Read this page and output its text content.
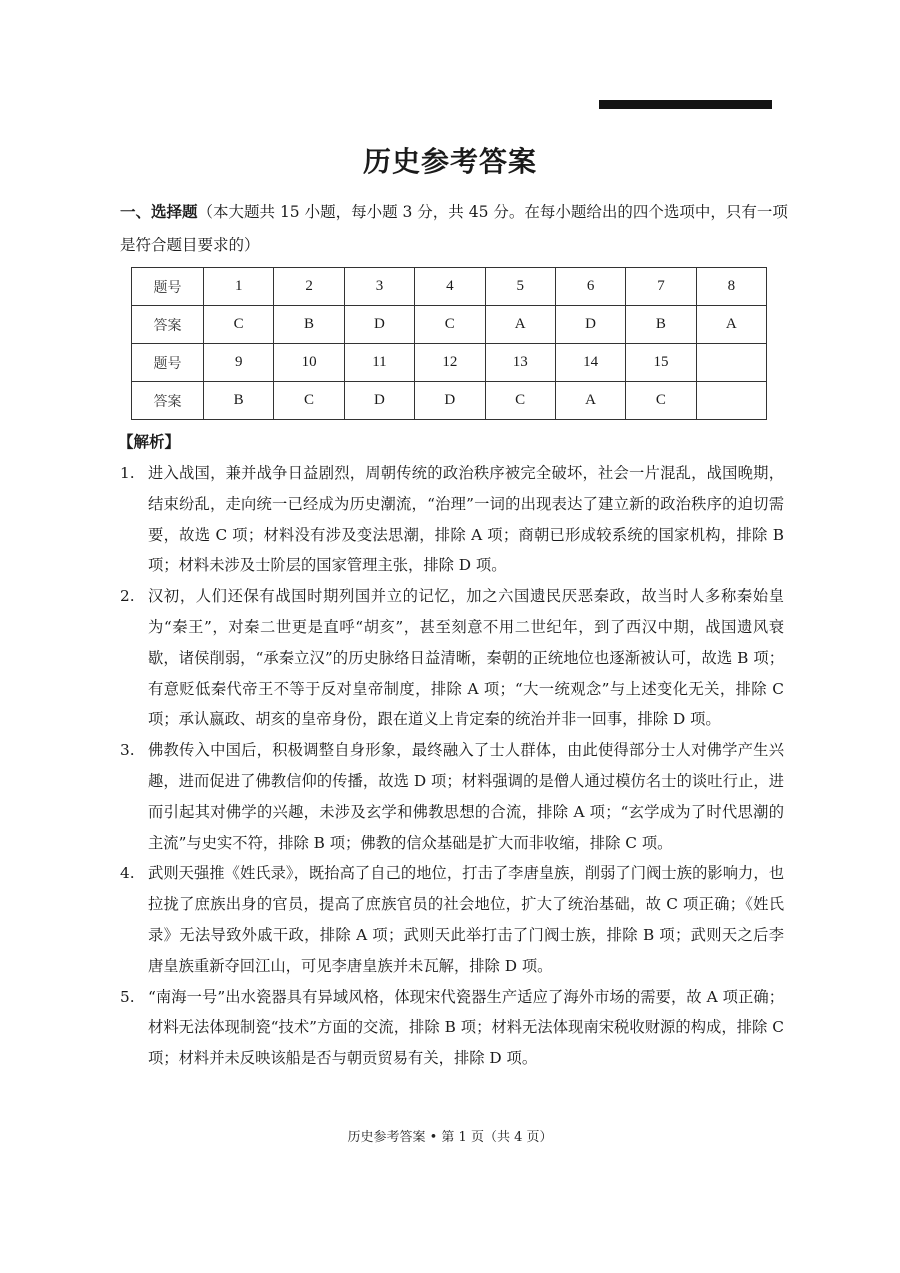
历史参考答案
一、选择题（本大题共 15 小题，每小题 3 分，共 45 分。在每小题给出的四个选项中，只有一项是符合题目要求的）
题号	1	2	3	4	5	6	7	8
答案	C	B	D	C	A	D	B	A
题号	9	10	11	12	13	14	15	
答案	B	C	D	D	C	A	C	
【解析】
1. 进入战国，兼并战争日益剧烈，周朝传统的政治秩序被完全破坏，社会一片混乱，战国晚期，结束纷乱，走向统一已经成为历史潮流，“治理”一词的出现表达了建立新的政治秩序的迫切需要，故选 C 项；材料没有涉及变法思潮，排除 A 项；商朝已形成较系统的国家机构，排除 B 项；材料未涉及士阶层的国家管理主张，排除 D 项。
2. 汉初，人们还保有战国时期列国并立的记忆，加之六国遗民厌恶秦政，故当时人多称秦始皇为“秦王”，对秦二世更是直呼“胡亥”，甚至刻意不用二世纪年，到了西汉中期，战国遗风衰歇，诸侯削弱，“承秦立汉”的历史脉络日益清晰，秦朝的正统地位也逐渐被认可，故选 B 项；有意贬低秦代帝王不等于反对皇帝制度，排除 A 项；“大一统观念”与上述变化无关，排除 C 项；承认嬴政、胡亥的皇帝身份，跟在道义上肯定秦的统治并非一回事，排除 D 项。
3. 佛教传入中国后，积极调整自身形象，最终融入了士人群体，由此使得部分士人对佛学产生兴趣，进而促进了佛教信仰的传播，故选 D 项；材料强调的是僧人通过模仿名士的谈吐行止，进而引起其对佛学的兴趣，未涉及玄学和佛教思想的合流，排除 A 项；“玄学成为了时代思潮的主流”与史实不符，排除 B 项；佛教的信众基础是扩大而非收缩，排除 C 项。
4. 武则天强推《姓氏录》，既抬高了自己的地位，打击了李唐皇族，削弱了门阀士族的影响力，也拉拢了庶族出身的官员，提高了庶族官员的社会地位，扩大了统治基础，故 C 项正确；《姓氏录》无法导致外戚干政，排除 A 项；武则天此举打击了门阀士族，排除 B 项；武则天之后李唐皇族重新夺回江山，可见李唐皇族并未瓦解，排除 D 项。
5. “南海一号”出水瓷器具有异域风格，体现宋代瓷器生产适应了海外市场的需要，故 A 项正确；材料无法体现制瓷“技术”方面的交流，排除 B 项；材料无法体现南宋税收财源的构成，排除 C 项；材料并未反映该船是否与朝贡贸易有关，排除 D 项。
历史参考答案 • 第 1 页（共 4 页）
